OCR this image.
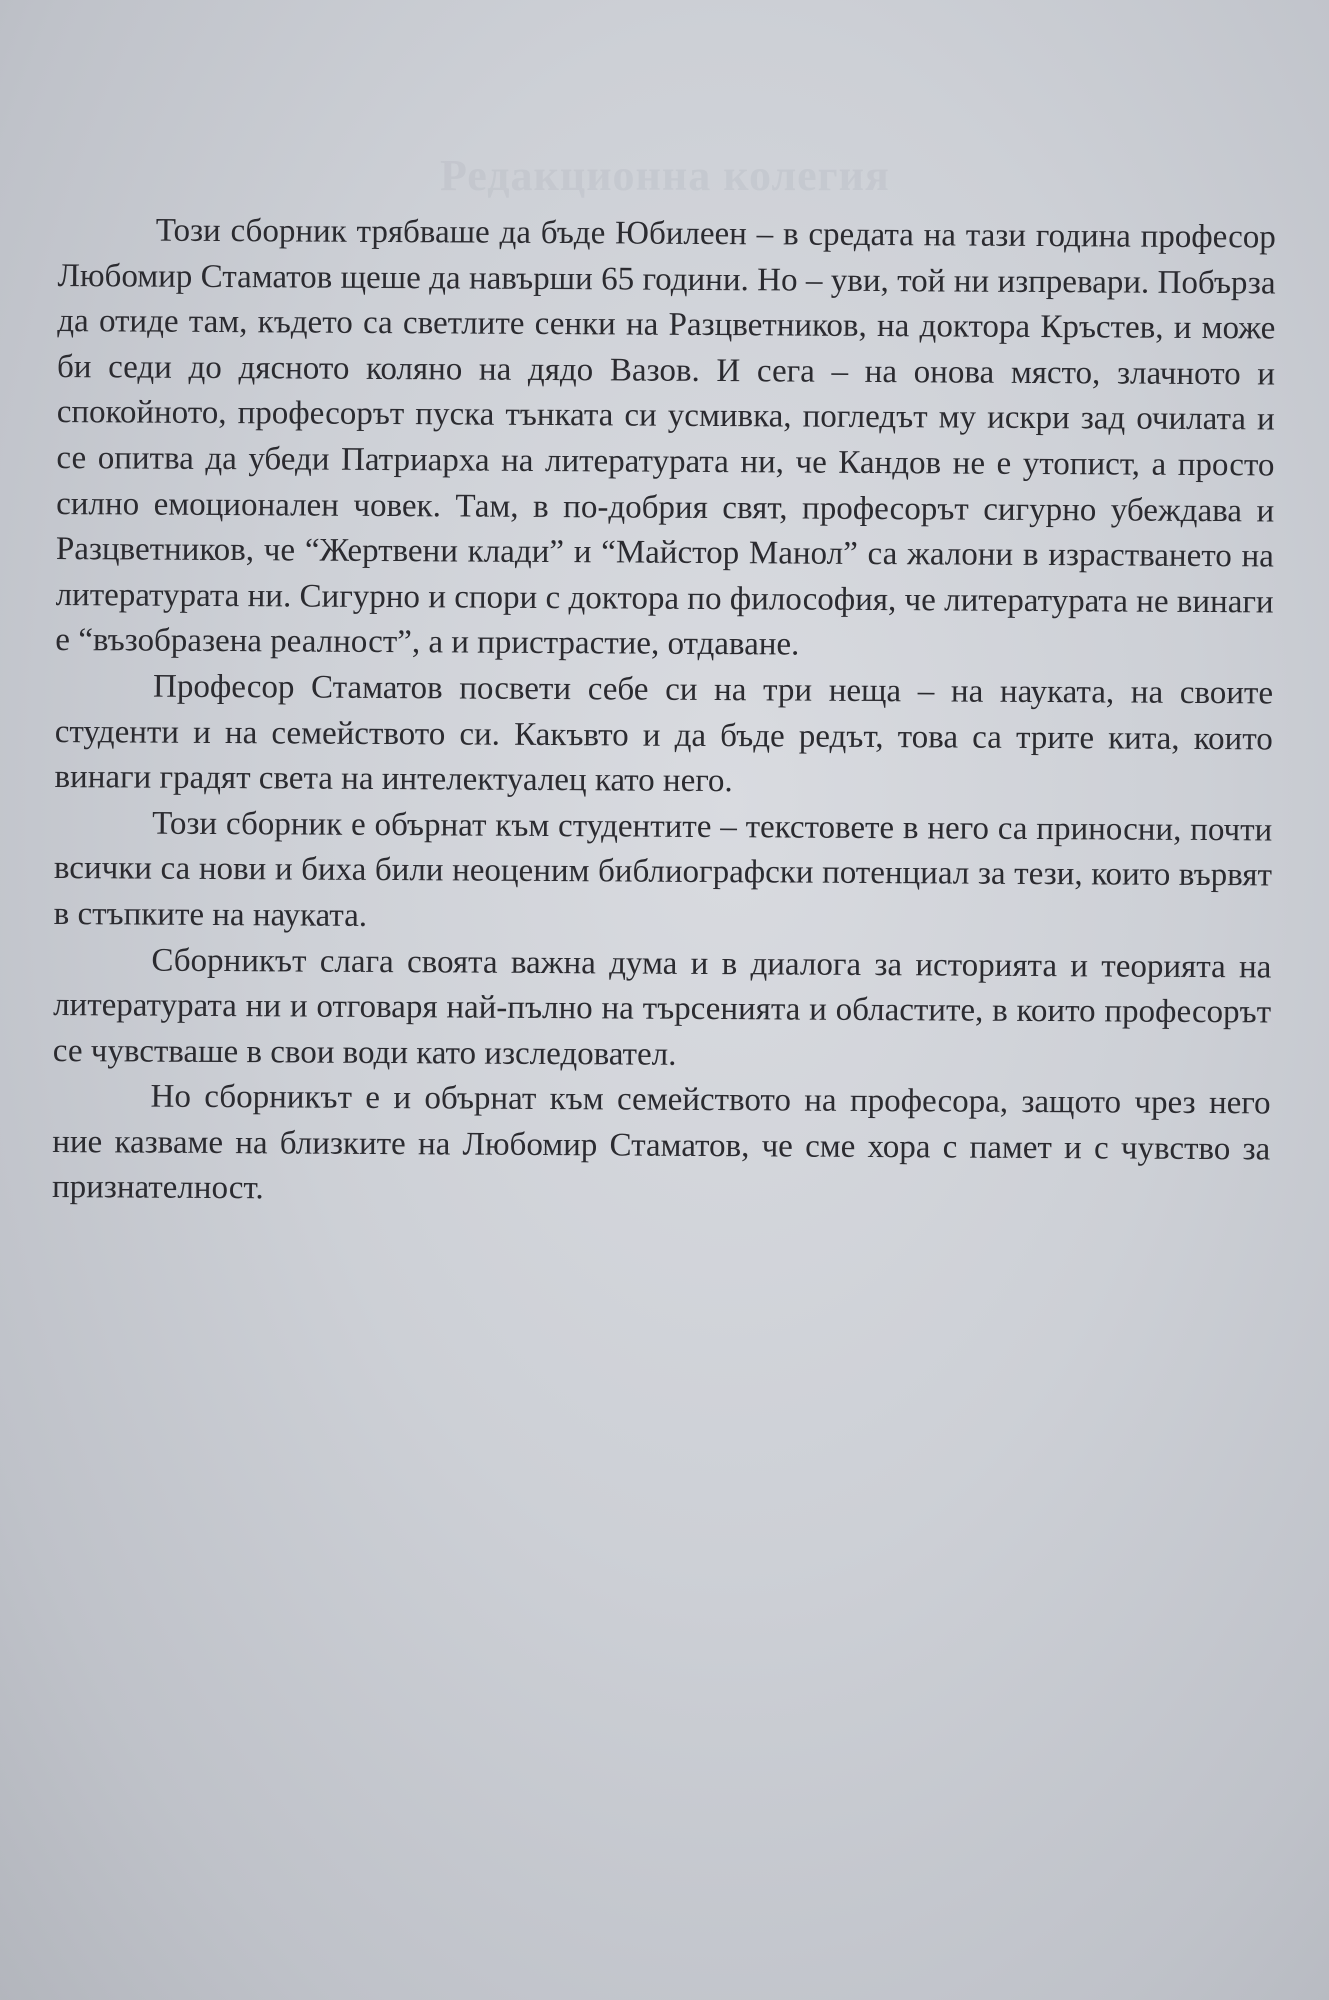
Редакционна колегия

Този сборник трябваше да бъде Юбилеен – в средата на тази година професор Любомир Стаматов щеше да навърши 65 години. Но – уви, той ни изпревари. Побърза да отиде там, където са светлите сенки на Разцветников, на доктора Кръстев, и може би седи до дясното коляно на дядо Вазов. И сега – на онова място, злачното и спокойното, професорът пуска тънката си усмивка, погледът му искри зад очилата и се опитва да убеди Патриарха на литературата ни, че Кандов не е утопист, а просто силно емоционален човек. Там, в по-добрия свят, професорът сигурно убеждава и Разцветников, че “Жертвени клади” и “Майстор Манол” са жалони в израстването на литературата ни. Сигурно и спори с доктора по философия, че литературата не винаги е “възобразена реалност”, а и пристрастие, отдаване.

Професор Стаматов посвети себе си на три неща – на науката, на своите студенти и на семейството си. Какъвто и да бъде редът, това са трите кита, които винаги градят света на интелектуалец като него.

Този сборник е обърнат към студентите – текстовете в него са приносни, почти всички са нови и биха били неоценим библиографски потенциал за тези, които вървят в стъпките на науката.

Сборникът слага своята важна дума и в диалога за историята и теорията на литературата ни и отговаря най-пълно на търсенията и областите, в които професорът се чувстваше в свои води като изследовател.

Но сборникът е и обърнат към семейството на професора, защото чрез него ние казваме на близките на Любомир Стаматов, че сме хора с памет и с чувство за признателност.
